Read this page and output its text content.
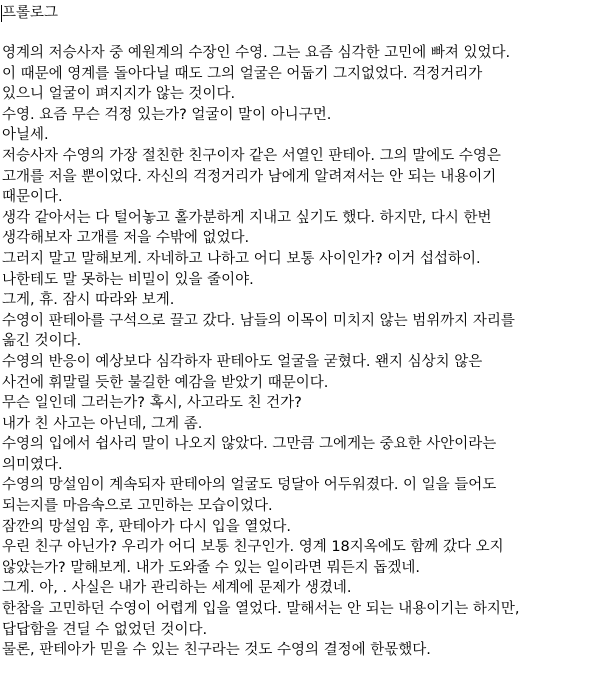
프롤로그
영계의 저승사자 중 예원계의 수장인 수영. 그는 요즘 심각한 고민에 빠져 있었다.
이 때문에 영계를 돌아다닐 때도 그의 얼굴은 어둡기 그지없었다. 걱정거리가
있으니 얼굴이 펴지지가 않는 것이다.
수영. 요즘 무슨 걱정 있는가? 얼굴이 말이 아니구먼.
아닐세.
저승사자 수영의 가장 절친한 친구이자 같은 서열인 판테아. 그의 말에도 수영은
고개를 저을 뿐이었다. 자신의 걱정거리가 남에게 알려져서는 안 되는 내용이기
때문이다.
생각 같아서는 다 털어놓고 홀가분하게 지내고 싶기도 했다. 하지만, 다시 한번
생각해보자 고개를 저을 수밖에 없었다.
그러지 말고 말해보게. 자네하고 나하고 어디 보통 사이인가? 이거 섭섭하이.
나한테도 말 못하는 비밀이 있을 줄이야.
그게, 휴. 잠시 따라와 보게.
수영이 판테아를 구석으로 끌고 갔다. 남들의 이목이 미치지 않는 범위까지 자리를
옮긴 것이다.
수영의 반응이 예상보다 심각하자 판테아도 얼굴을 굳혔다. 왠지 심상치 않은
사건에 휘말릴 듯한 불길한 예감을 받았기 때문이다.
무슨 일인데 그러는가? 혹시, 사고라도 친 건가?
내가 친 사고는 아닌데, 그게 좀.
수영의 입에서 쉽사리 말이 나오지 않았다. 그만큼 그에게는 중요한 사안이라는
의미였다.
수영의 망설임이 계속되자 판테아의 얼굴도 덩달아 어두워졌다. 이 일을 들어도
되는지를 마음속으로 고민하는 모습이었다.
잠깐의 망설임 후, 판테아가 다시 입을 열었다.
우린 친구 아닌가? 우리가 어디 보통 친구인가. 영계 18지옥에도 함께 갔다 오지
않았는가? 말해보게. 내가 도와줄 수 있는 일이라면 뭐든지 돕겠네.
그게. 아, . 사실은 내가 관리하는 세계에 문제가 생겼네.
한참을 고민하던 수영이 어렵게 입을 열었다. 말해서는 안 되는 내용이기는 하지만,
답답함을 견딜 수 없었던 것이다.
물론, 판테아가 믿을 수 있는 친구라는 것도 수영의 결정에 한몫했다.
